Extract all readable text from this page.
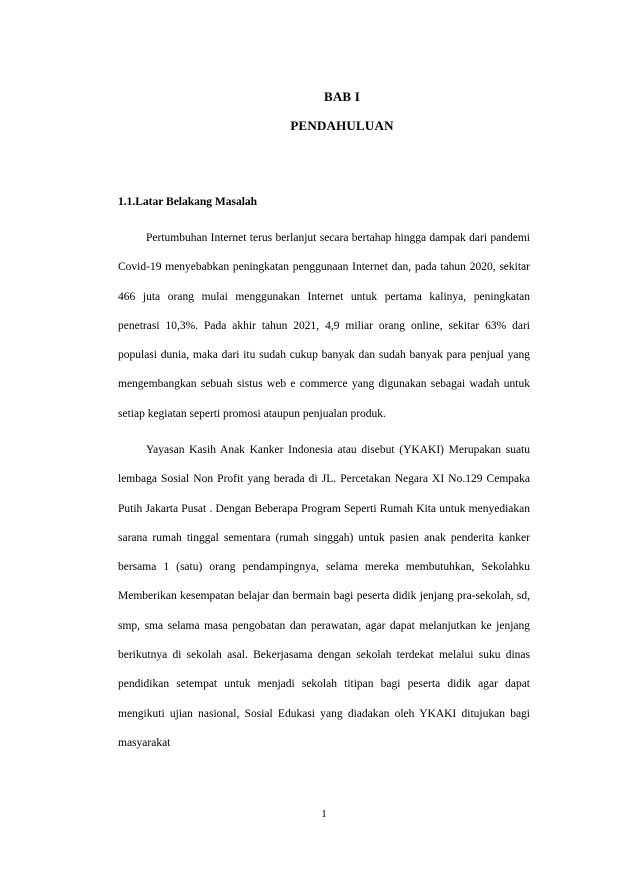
BAB I
PENDAHULUAN
1.1.Latar Belakang Masalah

Pertumbuhan Internet terus berlanjut secara bertahap hingga dampak dari pandemi Covid-19 menyebabkan peningkatan penggunaan Internet dan, pada tahun 2020, sekitar 466 juta orang mulai menggunakan Internet untuk pertama kalinya, peningkatan penetrasi 10,3%. Pada akhir tahun 2021, 4,9 miliar orang online, sekitar 63% dari populasi dunia, maka dari itu sudah cukup banyak dan sudah banyak para penjual yang mengembangkan sebuah sistus web e commerce yang digunakan sebagai wadah untuk setiap kegiatan seperti promosi ataupun penjualan produk.

Yayasan Kasih Anak Kanker Indonesia atau disebut (YKAKI) Merupakan suatu lembaga Sosial Non Profit yang berada di JL. Percetakan Negara XI No.129 Cempaka Putih Jakarta Pusat . Dengan Beberapa Program Seperti Rumah Kita untuk menyediakan sarana rumah tinggal sementara (rumah singgah) untuk pasien anak penderita kanker bersama 1 (satu) orang pendampingnya, selama mereka membutuhkan, Sekolahku Memberikan kesempatan belajar dan bermain bagi peserta didik jenjang pra-sekolah, sd, smp, sma selama masa pengobatan dan perawatan, agar dapat melanjutkan ke jenjang berikutnya di sekolah asal. Bekerjasama dengan sekolah terdekat melalui suku dinas pendidikan setempat untuk menjadi sekolah titipan bagi peserta didik agar dapat mengikuti ujian nasional, Sosial Edukasi yang diadakan oleh YKAKI ditujukan bagi masyarakat

1
